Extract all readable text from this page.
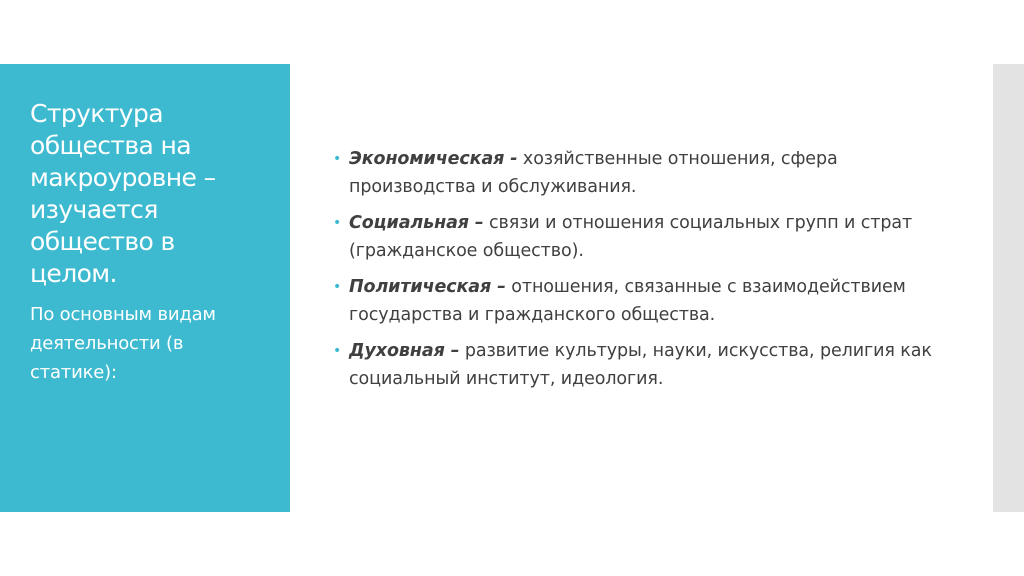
Структура общества на макроуровне – изучается общество в целом.
По основным видам деятельности (в статике):
• Экономическая - хозяйственные отношения, сфера производства и обслуживания.
• Социальная – связи и отношения социальных групп и страт (гражданское общество).
• Политическая – отношения, связанные с взаимодействием государства и гражданского общества.
• Духовная – развитие культуры, науки, искусства, религия как социальный институт, идеология.
